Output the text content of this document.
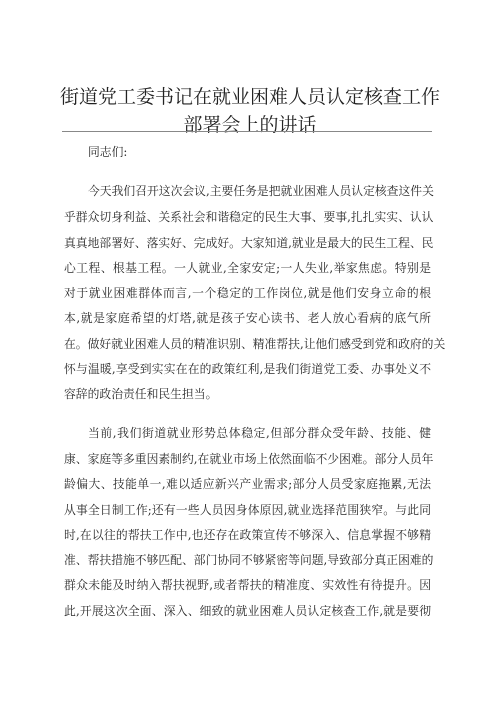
街道党工委书记在就业困难人员认定核查工作
部署会上的讲话
同志们:
今天我们召开这次会议,主要任务是把就业困难人员认定核查这件关
乎群众切身利益、关系社会和谐稳定的民生大事、要事,扎扎实实、认认
真真地部署好、落实好、完成好。大家知道,就业是最大的民生工程、民
心工程、根基工程。一人就业,全家安定;一人失业,举家焦虑。特别是
对于就业困难群体而言,一个稳定的工作岗位,就是他们安身立命的根
本,就是家庭希望的灯塔,就是孩子安心读书、老人放心看病的底气所
在。做好就业困难人员的精准识别、精准帮扶,让他们感受到党和政府的关
怀与温暖,享受到实实在在的政策红利,是我们街道党工委、办事处义不
容辞的政治责任和民生担当。
当前,我们街道就业形势总体稳定,但部分群众受年龄、技能、健
康、家庭等多重因素制约,在就业市场上依然面临不少困难。部分人员年
龄偏大、技能单一,难以适应新兴产业需求;部分人员受家庭拖累,无法
从事全日制工作;还有一些人员因身体原因,就业选择范围狭窄。与此同
时,在以往的帮扶工作中,也还存在政策宣传不够深入、信息掌握不够精
准、帮扶措施不够匹配、部门协同不够紧密等问题,导致部分真正困难的
群众未能及时纳入帮扶视野,或者帮扶的精准度、实效性有待提升。因
此,开展这次全面、深入、细致的就业困难人员认定核查工作,就是要彻
